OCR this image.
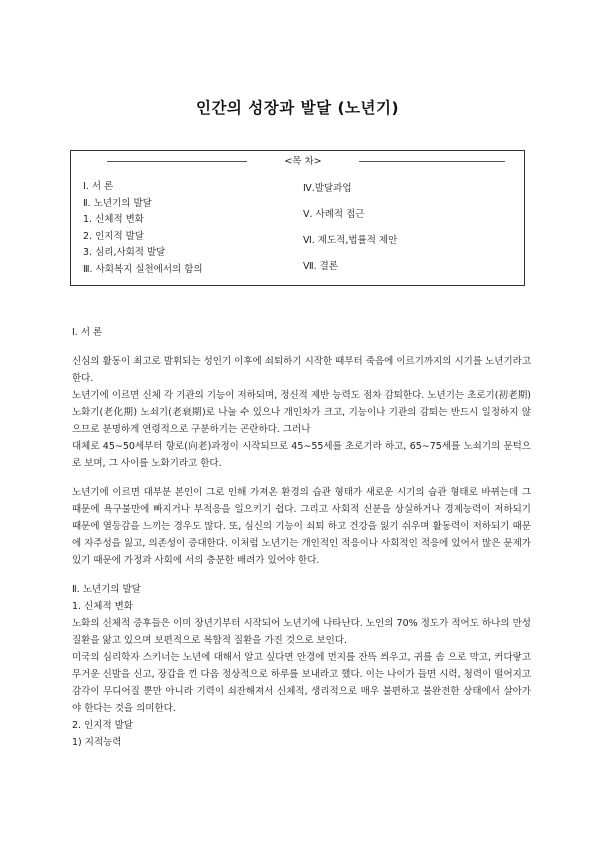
인간의 성장과 발달 (노년기)
<목 차>
Ⅰ. 서 론
Ⅱ. 노년기의 발달
1. 신체적 변화
2. 인지적 발달
3. 심리,사회적 발달
Ⅲ. 사회복지 실천에서의 함의
Ⅳ.발달과업
Ⅴ. 사례적 접근
Ⅵ. 제도적,법률적 제안
Ⅶ. 결론

Ⅰ. 서 론

신심의 활동이 최고로 발휘되는 성인기 이후에 쇠퇴하기 시작한 때부터 죽음에 이르기까지의 시기를 노년기라고 한다.

노년기에 이르면 신체 각 기관의 기능이 저하되며, 정신적 제반 능력도 점차 감퇴한다. 노년기는 초로기(初老期) 노화기(老化期) 노쇠기(老衰期)로 나눌 수 있으나 개인차가 크고, 기능이나 기관의 감퇴는 반드시 일정하지 않으므로 분명하게 연령적으로 구분하기는 곤란하다. 그러나

대체로 45∼50세부터 향로(向老)과정이 시작되므로 45∼55세를 초로기라 하고, 65∼75세를 노쇠기의 문턱으로 보며, 그 사이를 노화기라고 한다.

노년기에 이르면 대부분 본인이 그로 인해 가져온 환경의 습관 형태가 새로운 시기의 습관 형태로 바뀌는데 그 때문에 욕구불만에 빠지거나 부적응을 일으키기 쉽다. 그리고 사회적 신분을 상실하거나 경제능력이 저하되기 때문에 열등감을 느끼는 경우도 많다. 또, 심신의 기능이 쇠퇴 하고 건강을 잃기 쉬우며 활동력이 저하되기 때문에 자주성을 잃고, 의존성이 증대한다. 이처럼 노년기는 개인적인 적응이나 사회적인 적응에 있어서 많은 문제가 있기 때문에 가정과 사회에 서의 충분한 배려가 있어야 한다.

Ⅱ. 노년기의 발달

1. 신체적 변화

노화의 신체적 증후들은 이미 장년기부터 시작되어 노년기에 나타난다. 노인의 70% 정도가 적어도 하나의 만성질환을 앓고 있으며 보편적으로 복합적 질환을 가진 것으로 보인다.

미국의 심리학자 스키너는 노년에 대해서 알고 싶다면 안경에 먼지를 잔뜩 씌우고, 귀를 솜 으로 막고, 커다랗고 무거운 신발을 신고, 장갑을 낀 다음 정상적으로 하루를 보내라고 했다. 이는 나이가 들면 시력, 청력이 떨어지고 감각이 무디어질 뿐만 아니라 기력이 쇠잔해져서 신체적, 생리적으로 매우 불편하고 불완전한 상태에서 살아가야 한다는 것을 의미한다.

2. 인지적 발달

1) 지적능력
